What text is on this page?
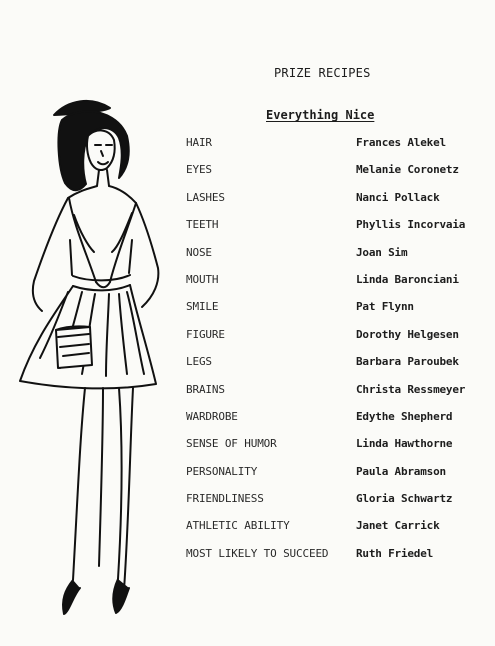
PRIZE RECIPES
Everything Nice
HAIR	Frances Alekel
EYES	Melanie Coronetz
LASHES	Nanci Pollack
TEETH	Phyllis Incorvaia
NOSE	Joan Sim
MOUTH	Linda Baronciani
SMILE	Pat Flynn
FIGURE	Dorothy Helgesen
LEGS	Barbara Paroubek
BRAINS	Christa Ressmeyer
WARDROBE	Edythe Shepherd
SENSE OF HUMOR	Linda Hawthorne
PERSONALITY	Paula Abramson
FRIENDLINESS	Gloria Schwartz
ATHLETIC ABILITY	Janet Carrick
MOST LIKELY TO SUCCEED	Ruth Friedel
